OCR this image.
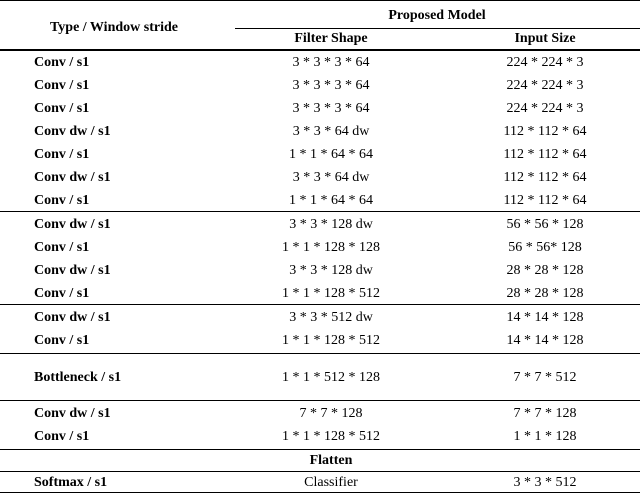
Type / Window stride
Proposed Model
Filter Shape	Input Size
Conv / s1	3 * 3 * 3 * 64	224 * 224 * 3
Conv / s1	3 * 3 * 3 * 64	224 * 224 * 3
Conv / s1	3 * 3 * 3 * 64	224 * 224 * 3
Conv dw / s1	3 * 3 * 64 dw	112 * 112 * 64
Conv / s1	1 * 1 * 64 * 64	112 * 112 * 64
Conv dw / s1	3 * 3 * 64 dw	112 * 112 * 64
Conv / s1	1 * 1 * 64 * 64	112 * 112 * 64
Conv dw / s1	3 * 3 * 128 dw	56 * 56 * 128
Conv / s1	1 * 1 * 128 * 128	56 * 56* 128
Conv dw / s1	3 * 3 * 128 dw	28 * 28 * 128
Conv / s1	1 * 1 * 128 * 512	28 * 28 * 128
Conv dw / s1	3 * 3 * 512 dw	14 * 14 * 128
Conv / s1	1 * 1 * 128 * 512	14 * 14 * 128
Bottleneck / s1	1 * 1 * 512 * 128	7 * 7 * 512
Conv dw / s1	7 * 7 * 128	7 * 7 * 128
Conv / s1	1 * 1 * 128 * 512	1 * 1 * 128
Flatten
Softmax / s1	Classifier	3 * 3 * 512
